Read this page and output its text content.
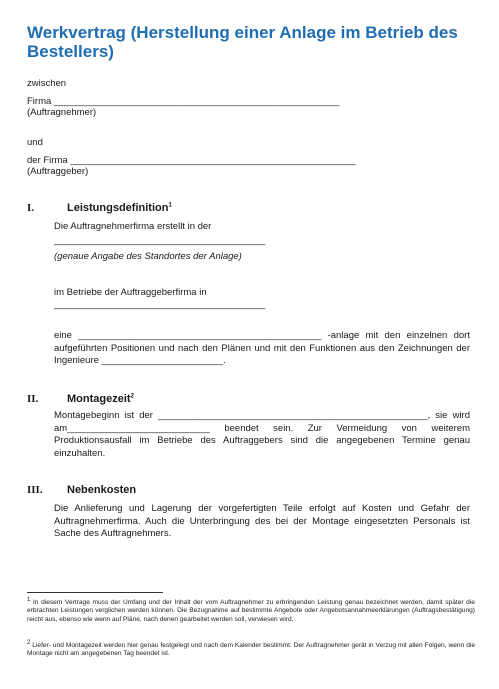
Werkvertrag (Herstellung einer Anlage im Betrieb des Bestellers)
zwischen
Firma ______________________________________________________
(Auftragnehmer)
und
der Firma ______________________________________________________
(Auftraggeber)
I.	Leistungsdefinition$^1$
Die Auftragnehmerfirma erstellt in der
________________________________________
(genaue Angabe des Standortes der Anlage)
im Betriebe der Auftraggeberfirma in
________________________________________
eine ______________________________________________ -anlage mit den einzelnen dort aufgeführten Positionen und nach den Plänen und mit den Funktionen aus den Zeichnungen der Ingenieure _______________________.
II.	Montagezeit$^2$
Montagebeginn ist der ___________________________________________________, sie wird am___________________________ beendet sein. Zur Vermeidung von weiterem Produktionsausfall im Betriebe des Auftraggebers sind die angegebenen Termine genau einzuhalten.
III. Nebenkosten
Die Anlieferung und Lagerung der vorgefertigten Teile erfolgt auf Kosten und Gefahr der Auftragnehmerfirma. Auch die Unterbringung des bei der Montage eingesetzten Personals ist Sache des Auftragnehmers.
$^1$ In diesem Vertrage muss der Umfang und der Inhalt der vom Auftragnehmer zu erbringenden Leistung genau bezeichnet werden, damit später die erbrachten Leistungen verglichen werden können. Die Bezugnahme auf bestimmte Angebote oder Angebotsannahmeerklärungen (Auftragsbestätigung) reicht aus, ebenso wie wenn auf Pläne, nach denen gearbeitet werden soll, verwiesen wird.
$^2$ Liefer- und Montagezeit werden hier genau festgelegt und nach dem Kalender bestimmt. Der Auftragnehmer gerät in Verzug mit allen Folgen, wenn die Montage nicht am angegebenen Tag beendet ist.
